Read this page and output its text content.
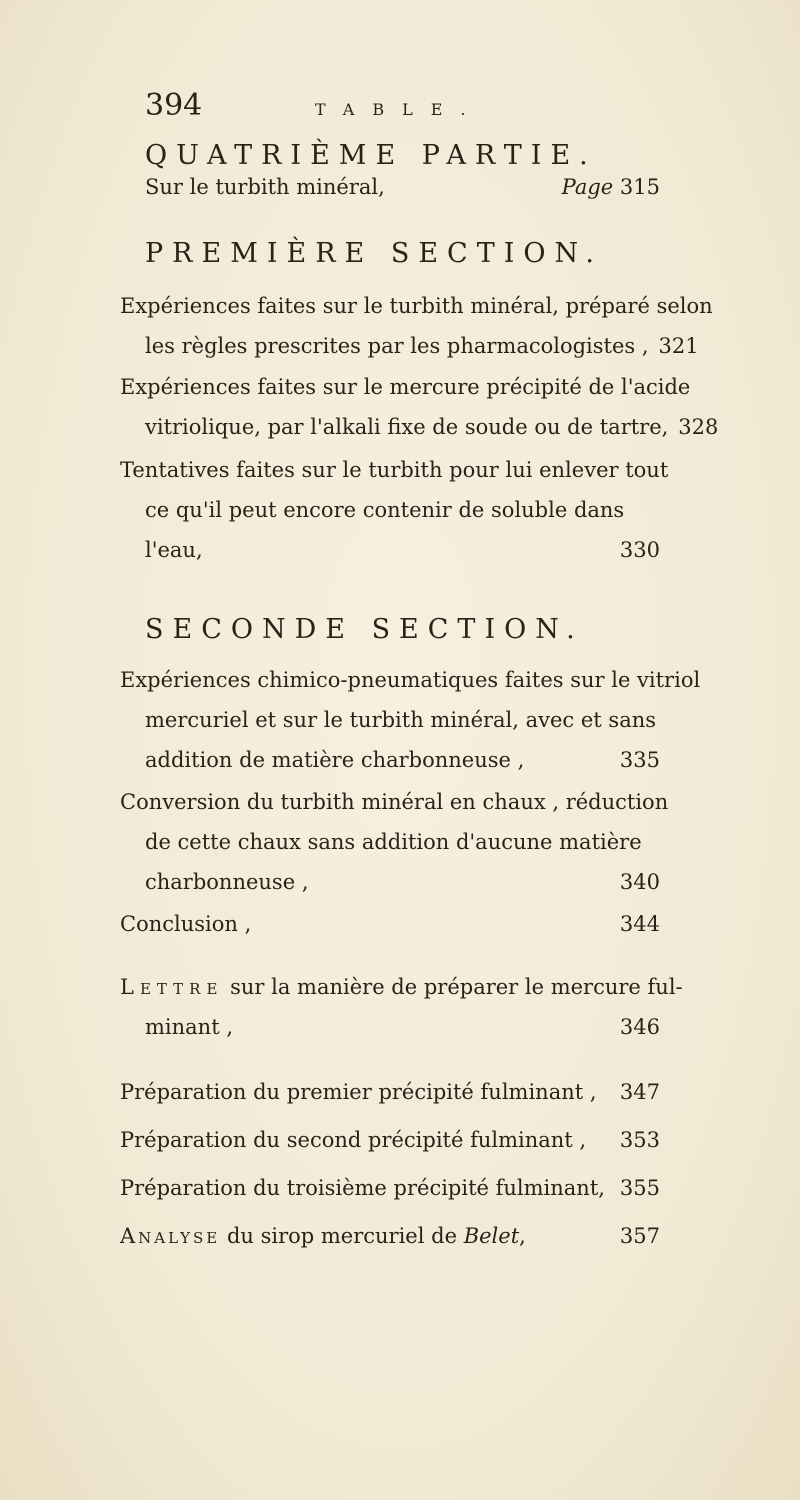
394	TABLE.
QUATRIÈME PARTIE.
Sur le turbith minéral,	Page 315
PREMIÈRE SECTION.
Expériences faites sur le turbith minéral, préparé selon
les règles prescrites par les pharmacologistes , 321
Expériences faites sur le mercure précipité de l'acide
vitriolique, par l'alkali fixe de soude ou de tartre, 328
Tentatives faites sur le turbith pour lui enlever tout
ce qu'il peut encore contenir de soluble dans
l'eau,	330
SECONDE SECTION.
Expériences chimico-pneumatiques faites sur le vitriol
mercuriel et sur le turbith minéral, avec et sans
addition de matière charbonneuse ,	335
Conversion du turbith minéral en chaux , réduction
de cette chaux sans addition d'aucune matière
charbonneuse ,	340
Conclusion ,	344
Lettre sur la manière de préparer le mercure ful-
minant ,	346
Préparation du premier précipité fulminant ,	347
Préparation du second précipité fulminant ,	353
Préparation du troisième précipité fulminant, 355
Analyse du sirop mercuriel de Belet,	357
